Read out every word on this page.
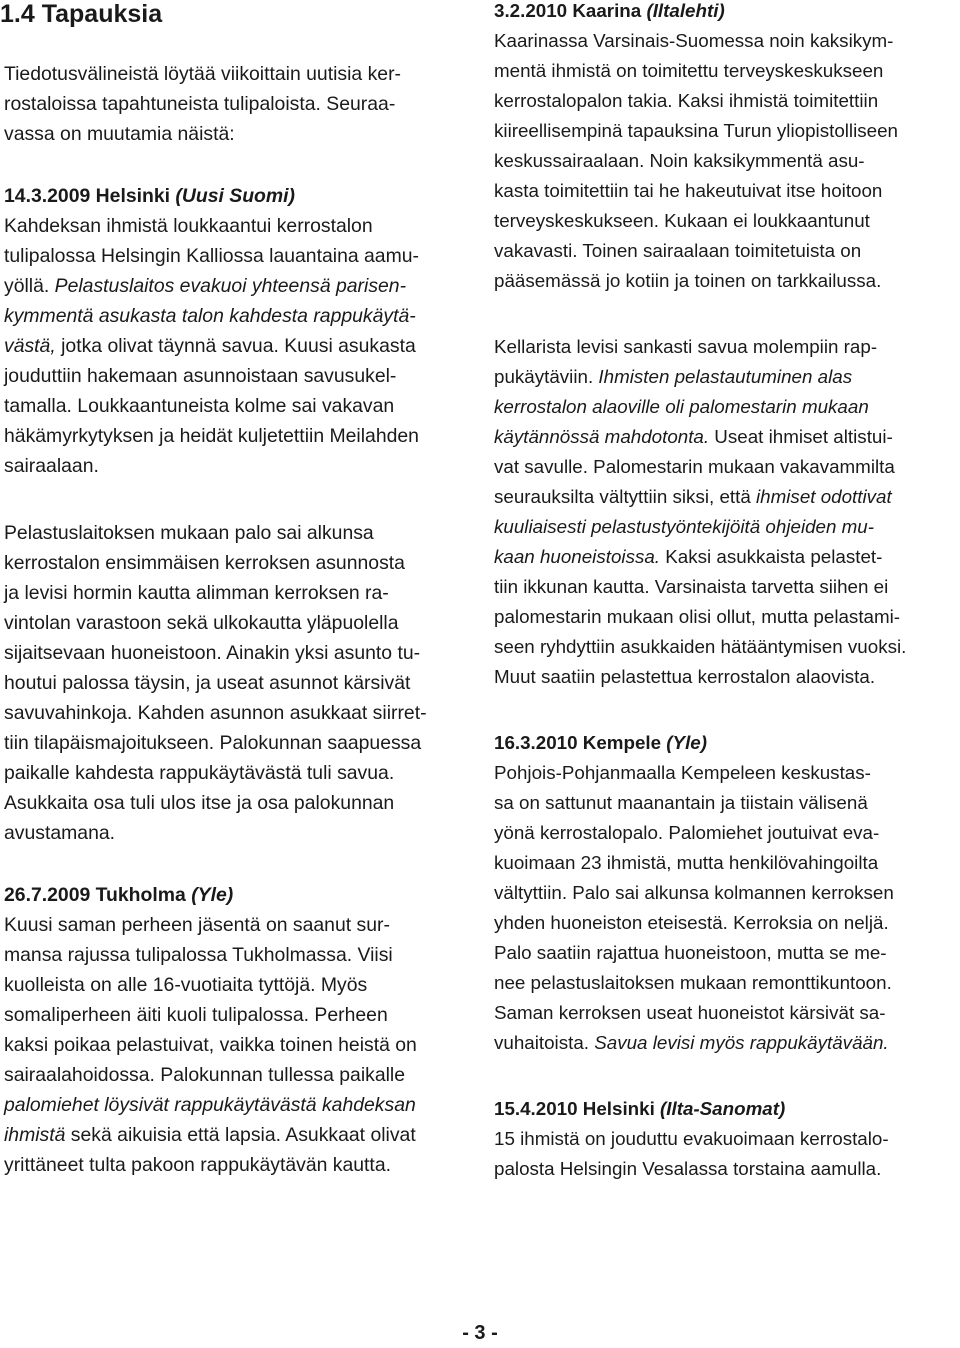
1.4 Tapauksia
Tiedotusvälineistä löytää viikoittain uutisia ker-
rostaloissa tapahtuneista tulipaloista. Seuraa-
vassa on muutamia näistä:
14.3.2009 Helsinki (Uusi Suomi)
Kahdeksan ihmistä loukkaantui kerrostalon
tulipalossa Helsingin Kalliossa lauantaina aamu-
yöllä. Pelastuslaitos evakuoi yhteensä parisen-
kymmentä asukasta talon kahdesta rappukäytä-
västä, jotka olivat täynnä savua. Kuusi asukasta
jouduttiin hakemaan asunnoistaan savusukel-
tamalla. Loukkaantuneista kolme sai vakavan
häkämyrkytyksen ja heidät kuljetettiin Meilahden
sairaalaan.
Pelastuslaitoksen mukaan palo sai alkunsa
kerrostalon ensimmäisen kerroksen asunnosta
ja levisi hormin kautta alimman kerroksen ra-
vintolan varastoon sekä ulkokautta yläpuolella
sijaitsevaan huoneistoon. Ainakin yksi asunto tu-
houtui palossa täysin, ja useat asunnot kärsivät
savuvahinkoja. Kahden asunnon asukkaat siirret-
tiin tilapäismajoitukseen. Palokunnan saapuessa
paikalle kahdesta rappukäytävästä tuli savua.
Asukkaita osa tuli ulos itse ja osa palokunnan
avustamana.
26.7.2009 Tukholma (Yle)
Kuusi saman perheen jäsentä on saanut sur-
mansa rajussa tulipalossa Tukholmassa. Viisi
kuolleista on alle 16-vuotiaita tyttöjä. Myös
somaliperheen äiti kuoli tulipalossa. Perheen
kaksi poikaa pelastuivat, vaikka toinen heistä on
sairaalahoidossa. Palokunnan tullessa paikalle
palomiehet löysivät rappukäytävästä kahdeksan
ihmistä sekä aikuisia että lapsia. Asukkaat olivat
yrittäneet tulta pakoon rappukäytävän kautta.
3.2.2010 Kaarina (Iltalehti)
Kaarinassa Varsinais-Suomessa noin kaksikym-
mentä ihmistä on toimitettu terveyskeskukseen
kerrostalopalon takia. Kaksi ihmistä toimitettiin
kiireellisempinä tapauksina Turun yliopistolliseen
keskussairaalaan. Noin kaksikymmentä asu-
kasta toimitettiin tai he hakeutuivat itse hoitoon
terveyskeskukseen. Kukaan ei loukkaantunut
vakavasti. Toinen sairaalaan toimitetuista on
pääsemässä jo kotiin ja toinen on tarkkailussa.
Kellarista levisi sankasti savua molempiin rap-
pukäytäviin. Ihmisten pelastautuminen alas
kerrostalon alaoville oli palomestarin mukaan
käytännössä mahdotonta. Useat ihmiset altistui-
vat savulle. Palomestarin mukaan vakavammilta
seurauksilta vältyttiin siksi, että ihmiset odottivat
kuuliaisesti pelastustyöntekijöitä ohjeiden mu-
kaan huoneistoissa. Kaksi asukkaista pelastet-
tiin ikkunan kautta. Varsinaista tarvetta siihen ei
palomestarin mukaan olisi ollut, mutta pelastami-
seen ryhdyttiin asukkaiden hätääntymisen vuoksi.
Muut saatiin pelastettua kerrostalon alaovista.
16.3.2010 Kempele (Yle)
Pohjois-Pohjanmaalla Kempeleen keskustas-
sa on sattunut maanantain ja tiistain välisenä
yönä kerrostalopalo. Palomiehet joutuivat eva-
kuoimaan 23 ihmistä, mutta henkilövahingoilta
vältyttiin. Palo sai alkunsa kolmannen kerroksen
yhden huoneiston eteisestä. Kerroksia on neljä.
Palo saatiin rajattua huoneistoon, mutta se me-
nee pelastuslaitoksen mukaan remonttikuntoon.
Saman kerroksen useat huoneistot kärsivät sa-
vuhaitoista. Savua levisi myös rappukäytävään.
15.4.2010 Helsinki (Ilta-Sanomat)
15 ihmistä on jouduttu evakuoimaan kerrostalo-
palosta Helsingin Vesalassa torstaina aamulla.
- 3 -
